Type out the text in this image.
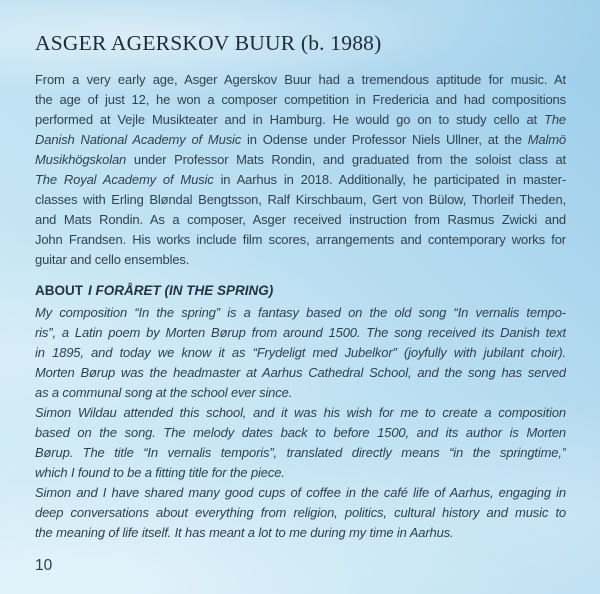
ASGER AGERSKOV BUUR (b. 1988)
From a very early age, Asger Agerskov Buur had a tremendous aptitude for music. At
the age of just 12, he won a composer competition in Fredericia and had compositions
performed at Vejle Musikteater and in Hamburg. He would go on to study cello at The
Danish National Academy of Music in Odense under Professor Niels Ullner, at the Malmö
Musikhögskolan under Professor Mats Rondin, and graduated from the soloist class at
The Royal Academy of Music in Aarhus in 2018. Additionally, he participated in master-
classes with Erling Bløndal Bengtsson, Ralf Kirschbaum, Gert von Bülow, Thorleif Theden,
and Mats Rondin. As a composer, Asger received instruction from Rasmus Zwicki and
John Frandsen. His works include film scores, arrangements and contemporary works for
guitar and cello ensembles.
ABOUT I FORÅRET (IN THE SPRING)
My composition “In the spring” is a fantasy based on the old song “In vernalis tempo-
ris”, a Latin poem by Morten Børup from around 1500. The song received its Danish text
in 1895, and today we know it as “Frydeligt med Jubelkor” (joyfully with jubilant choir).
Morten Børup was the headmaster at Aarhus Cathedral School, and the song has served
as a communal song at the school ever since.
Simon Wildau attended this school, and it was his wish for me to create a composition
based on the song. The melody dates back to before 1500, and its author is Morten
Børup. The title “In vernalis temporis”, translated directly means “in the springtime,”
which I found to be a fitting title for the piece.
Simon and I have shared many good cups of coffee in the café life of Aarhus, engaging in
deep conversations about everything from religion, politics, cultural history and music to
the meaning of life itself. It has meant a lot to me during my time in Aarhus.
10
